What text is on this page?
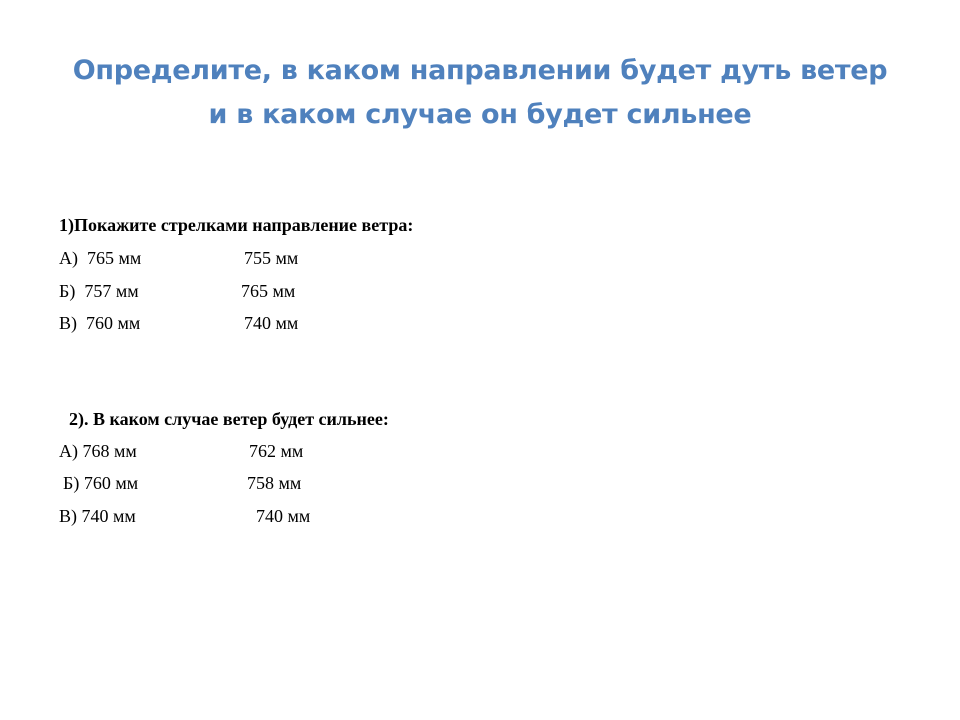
Определите, в каком направлении будет дуть ветер
и в каком случае он будет сильнее
1)Покажите стрелками направление ветра:
А)  765 мм	755 мм
Б)  757 мм	765 мм
В)  760 мм	740 мм
2). В каком случае ветер будет сильнее:
А) 768 мм	762 мм
Б) 760 мм	758 мм
В) 740 мм	740 мм
